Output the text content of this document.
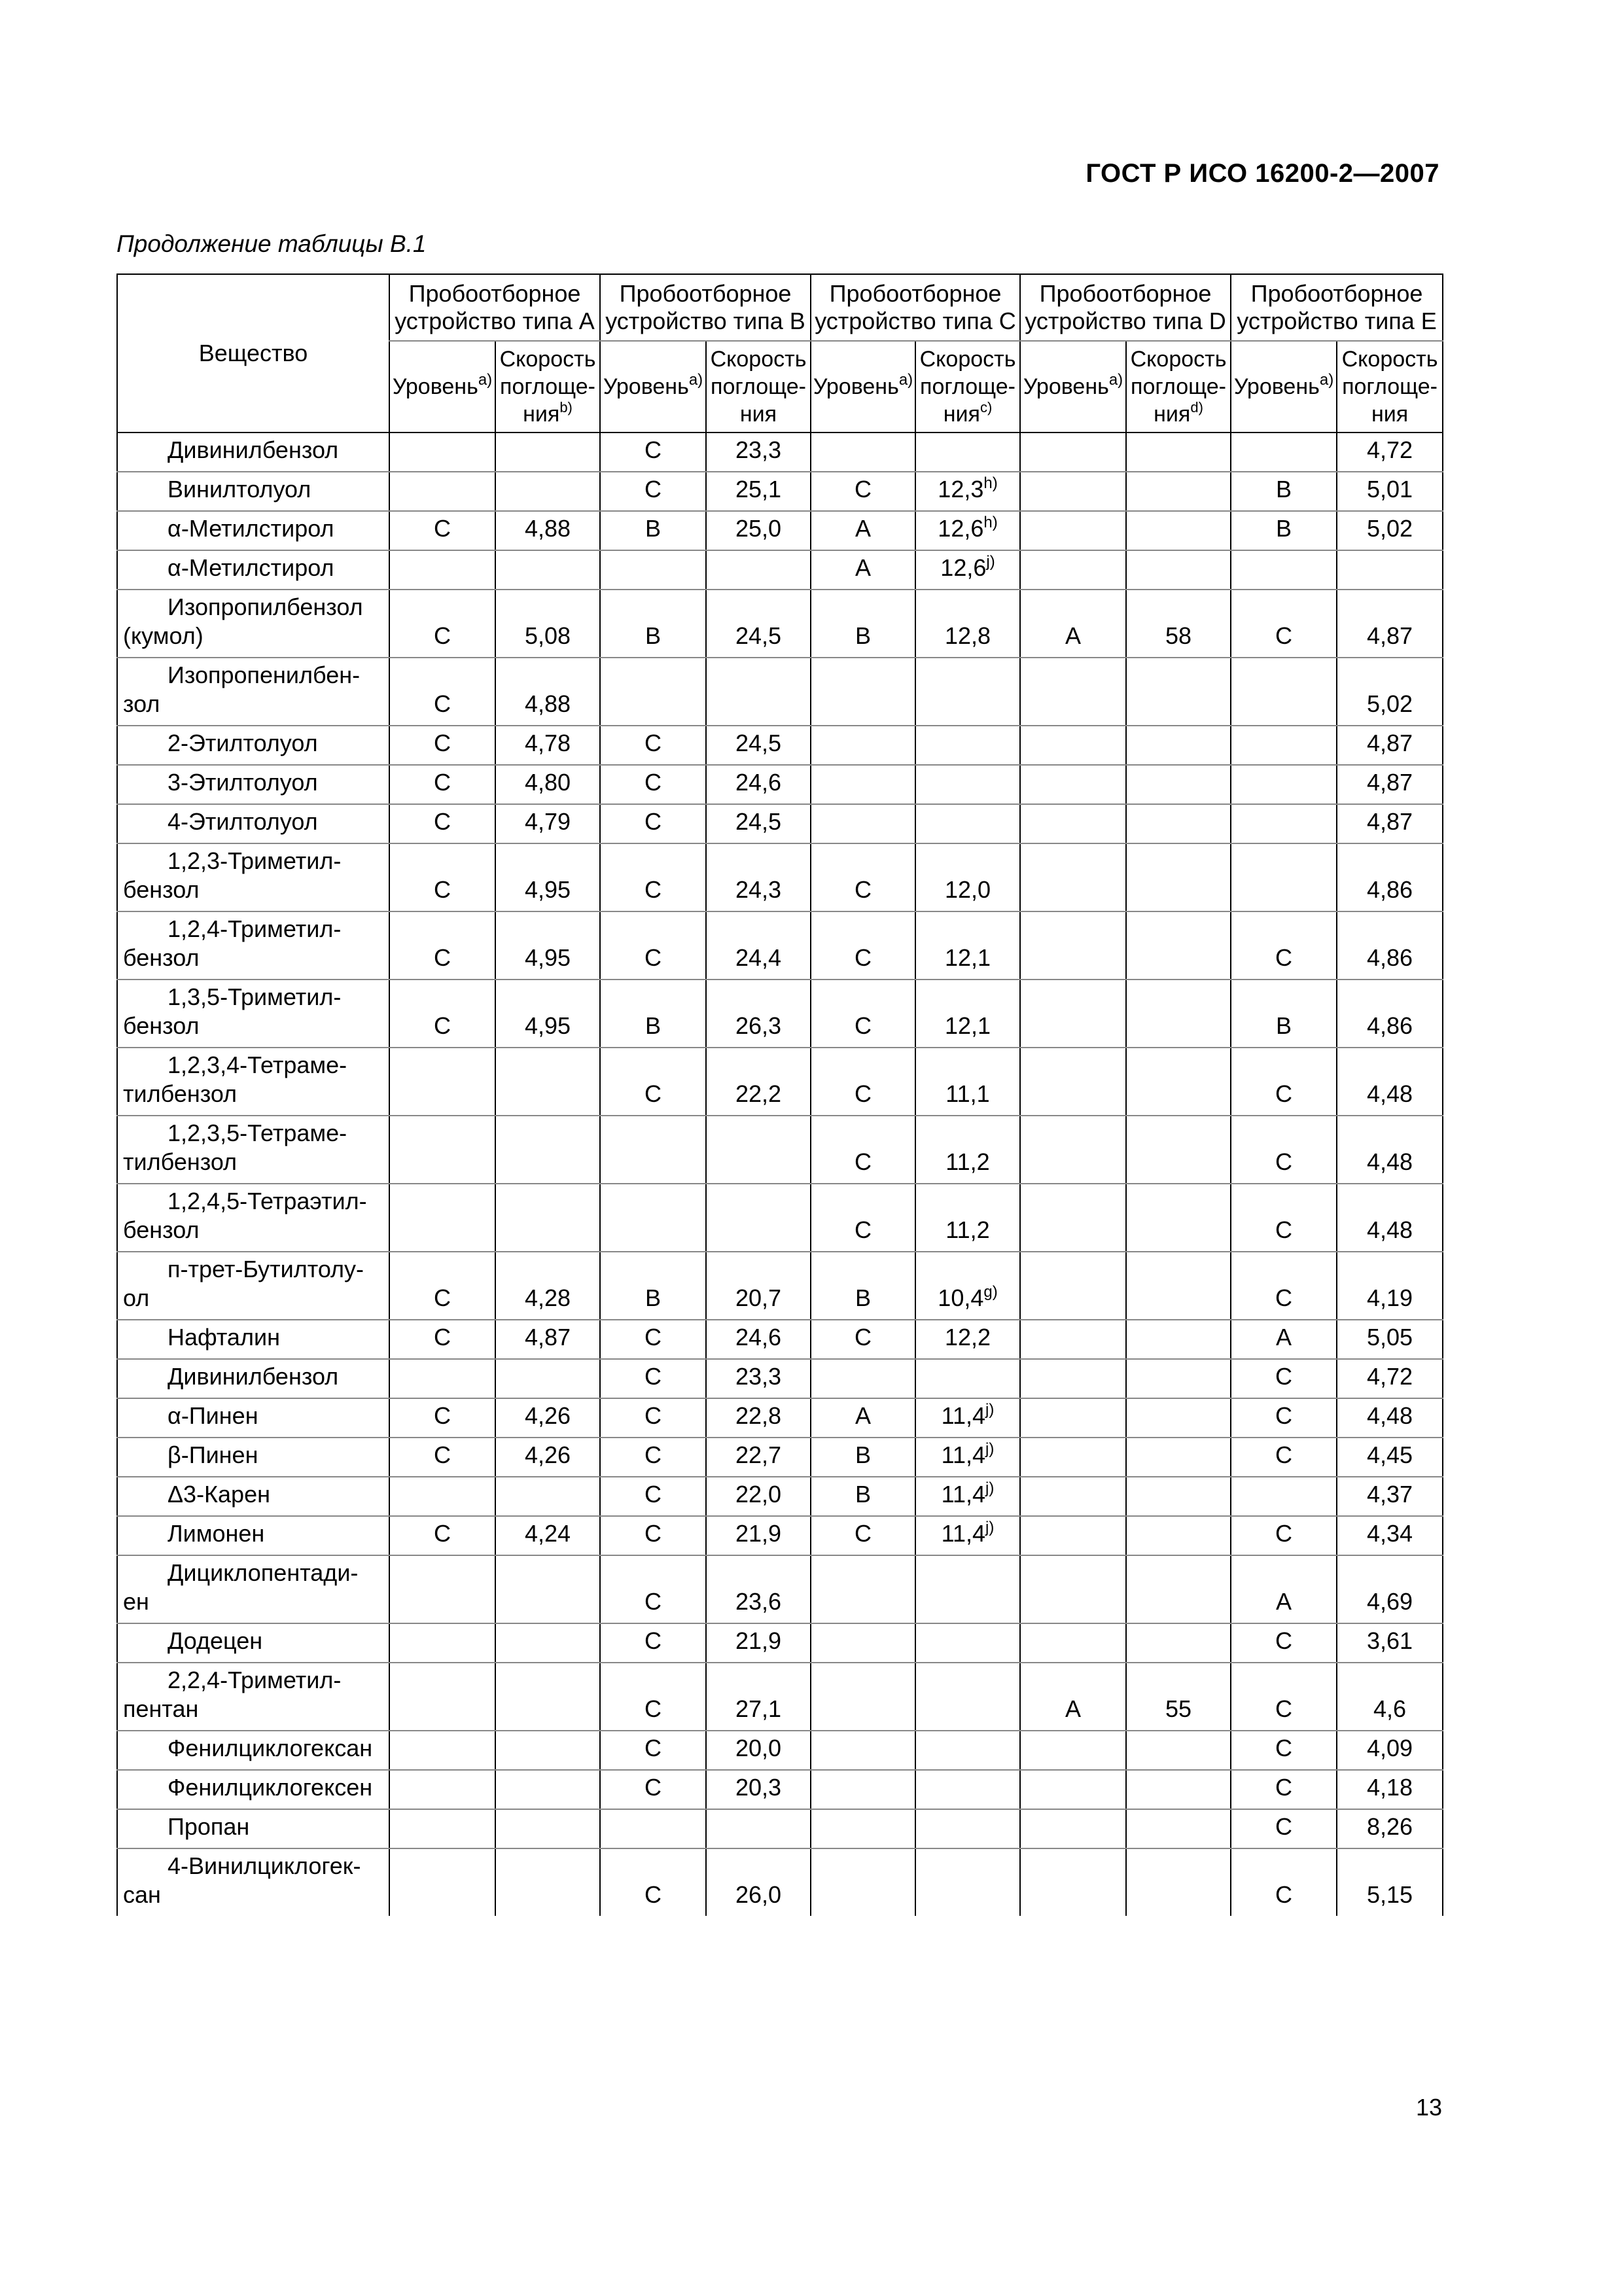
ГОСТ Р ИСО 16200-2—2007
Продолжение таблицы B.1
Вещество	Пробоотборное устройство типа A		Пробоотборное устройство типа B		Пробоотборное устройство типа C		Пробоотборное устройство типа D		Пробоотборное устройство типа E	
	Уровень$^{a)}$	Скорость
поглоще-
ния$^{b)}$	Уровень$^{a)}$	Скорость
поглоще-
ния	Уровень$^{a)}$	Скорость
поглоще-
ния$^{c)}$	Уровень$^{a)}$	Скорость
поглоще-
ния$^{d)}$	Уровень$^{a)}$	Скорость
поглоще-
ния
Дивинилбензол			C	23,3						4,72
Винилтолуол			C	25,1	C	12,3$^{h)}$			B	5,01
α-Метилстирол	C	4,88	B	25,0	A	12,6$^{h)}$			B	5,02
α-Метилстирол					A	12,6$^{j)}$				

Изопропилбензол
(кумол)	C	5,08	B	24,5	B	12,8	A	58	C	4,87

Изопропенилбен-
зол	C	4,88								5,02
2-Этилтолуол	C	4,78	C	24,5						4,87
3-Этилтолуол	C	4,80	C	24,6						4,87
4-Этилтолуол	C	4,79	C	24,5						4,87

1,2,3-Триметил-
бензол	C	4,95	C	24,3	C	12,0				4,86

1,2,4-Триметил-
бензол	C	4,95	C	24,4	C	12,1			C	4,86

1,3,5-Триметил-
бензол	C	4,95	B	26,3	C	12,1			B	4,86

1,2,3,4-Тетраме-
тилбензол			C	22,2	C	11,1			C	4,48

1,2,3,5-Тетраме-
тилбензол					C	11,2			C	4,48

1,2,4,5-Тетраэтил-
бензол					C	11,2			C	4,48

п-трет-Бутилтолу-
ол	C	4,28	B	20,7	B	10,4$^{g)}$			C	4,19
Нафталин	C	4,87	C	24,6	C	12,2			A	5,05
Дивинилбензол			C	23,3					C	4,72
α-Пинен	C	4,26	C	22,8	A	11,4$^{j)}$			C	4,48
β-Пинен	C	4,26	C	22,7	B	11,4$^{j)}$			C	4,45
Δ3-Карен			C	22,0	B	11,4$^{j)}$				4,37
Лимонен	C	4,24	C	21,9	C	11,4$^{j)}$			C	4,34

Дициклопентади-
ен			C	23,6					A	4,69
Додецен			C	21,9					C	3,61

2,2,4-Триметил-
пентан			C	27,1			A	55	C	4,6
Фенилциклогексан			C	20,0					C	4,09
Фенилциклогексен			C	20,3					C	4,18
Пропан									C	8,26

4-Винилциклогек-
сан			C	26,0					C	5,15
13
